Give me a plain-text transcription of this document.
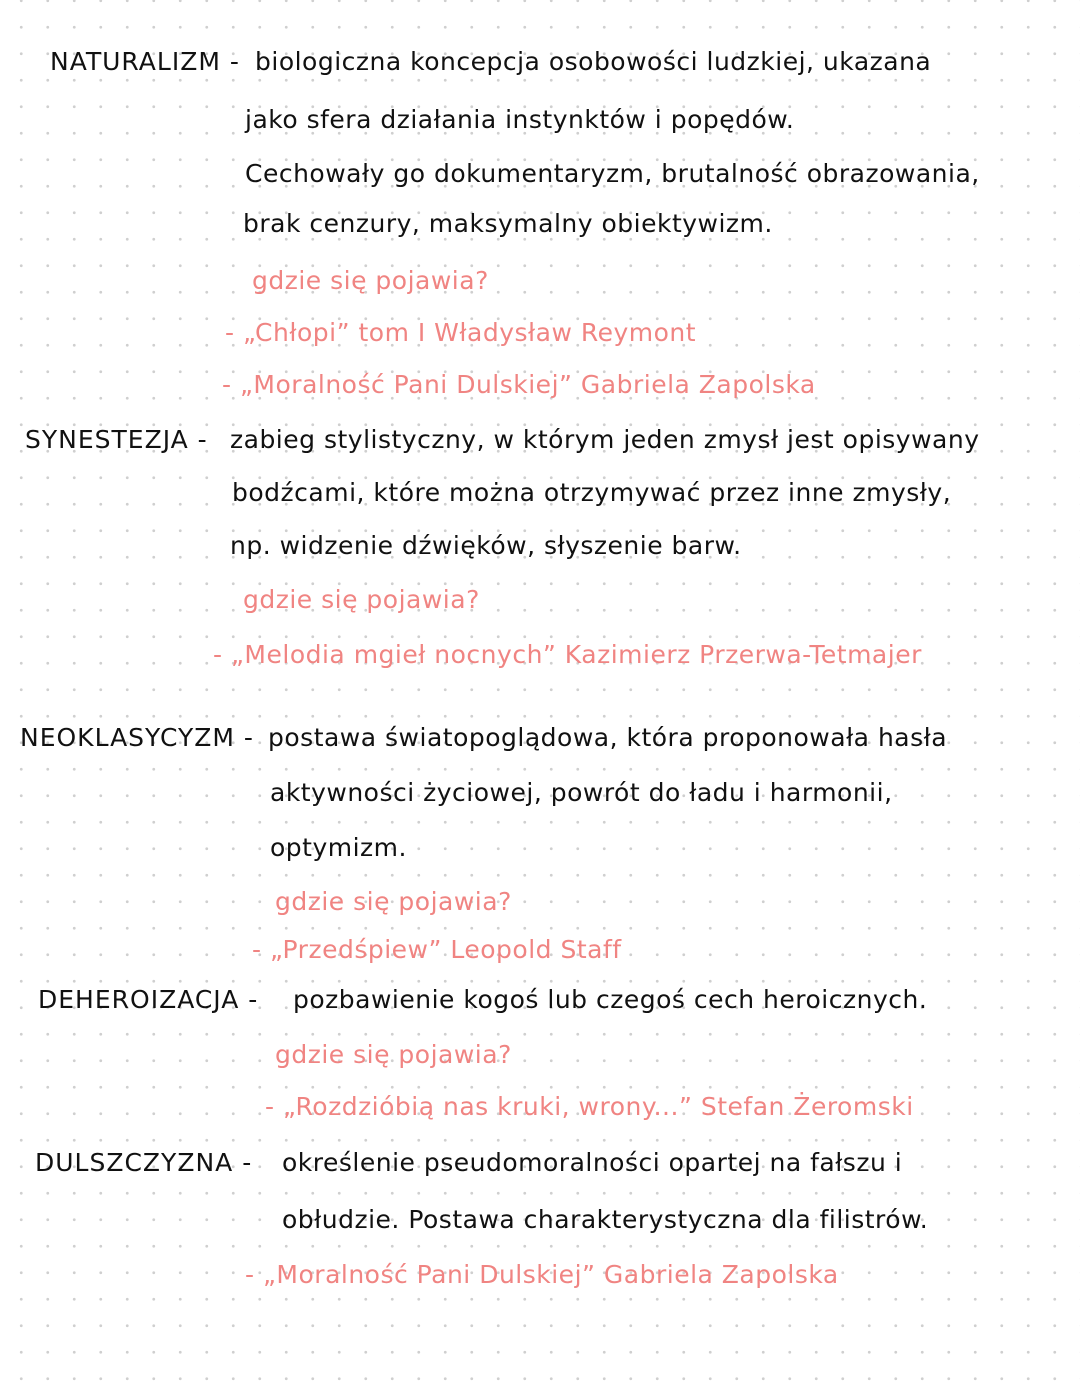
NATURALIZM - biologiczna koncepcja osobowości ludzkiej, ukazana
jako sfera działania instynktów i popędów.
Cechowały go dokumentaryzm, brutalność obrazowania,
brak cenzury, maksymalny obiektywizm.
gdzie się pojawia?
- „Chłopi” tom I Władysław Reymont
- „Moralność Pani Dulskiej” Gabriela Zapolska
SYNESTEZJA - zabieg stylistyczny, w którym jeden zmysł jest opisywany
bodźcami, które można otrzymywać przez inne zmysły,
np. widzenie dźwięków, słyszenie barw.
gdzie się pojawia?
- „Melodia mgieł nocnych” Kazimierz Przerwa-Tetmajer
NEOKLASYCYZM - postawa światopoglądowa, która proponowała hasła
aktywności życiowej, powrót do ładu i harmonii,
optymizm.
gdzie się pojawia?
- „Przedśpiew” Leopold Staff
DEHEROIZACJA - pozbawienie kogoś lub czegoś cech heroicznych.
gdzie się pojawia?
- „Rozdzióbią nas kruki, wrony...” Stefan Żeromski
DULSZCZYZNA - określenie pseudomoralności opartej na fałszu i
obłudzie. Postawa charakterystyczna dla filistrów.
- „Moralność Pani Dulskiej” Gabriela Zapolska
